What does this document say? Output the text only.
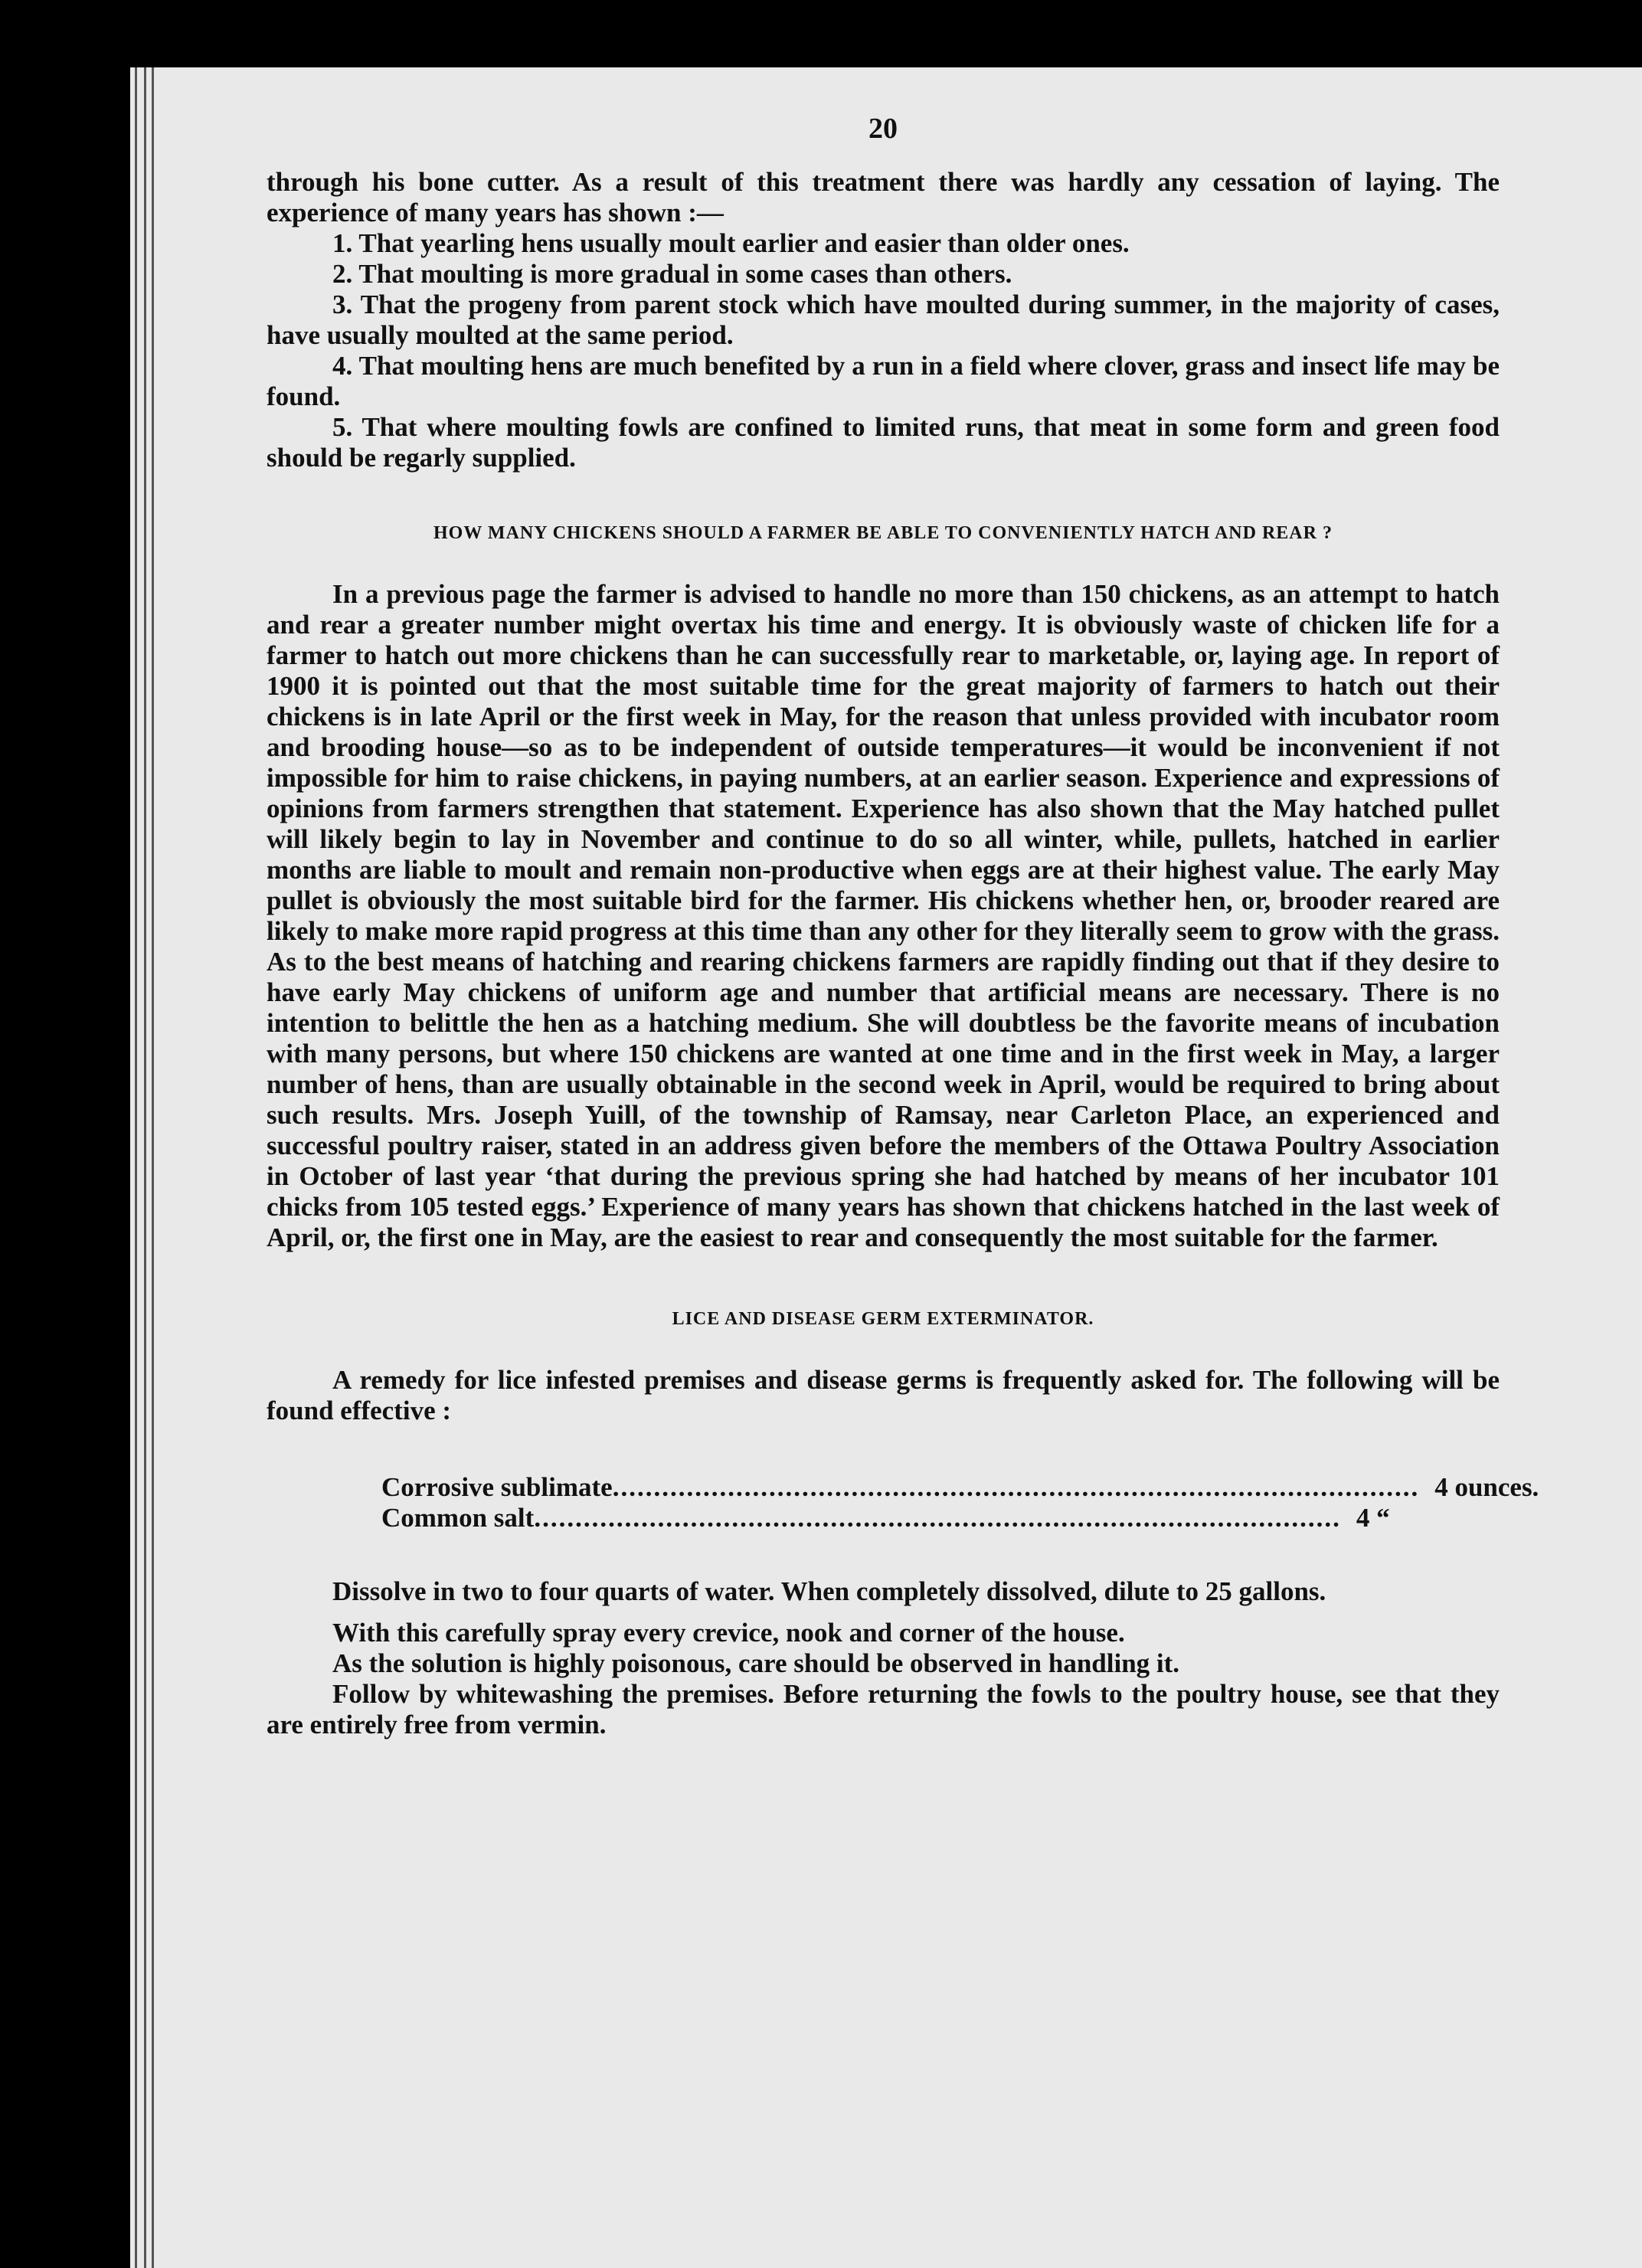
20

through his bone cutter. As a result of this treatment there was hardly any cessation of laying. The experience of many years has shown :—

1. That yearling hens usually moult earlier and easier than older ones.

2. That moulting is more gradual in some cases than others.

3. That the progeny from parent stock which have moulted during summer, in the majority of cases, have usually moulted at the same period.

4. That moulting hens are much benefited by a run in a field where clover, grass and insect life may be found.

5. That where moulting fowls are confined to limited runs, that meat in some form and green food should be regarly supplied.

HOW MANY CHICKENS SHOULD A FARMER BE ABLE TO CONVENIENTLY HATCH AND REAR ?

In a previous page the farmer is advised to handle no more than 150 chickens, as an attempt to hatch and rear a greater number might overtax his time and energy. It is obviously waste of chicken life for a farmer to hatch out more chickens than he can successfully rear to marketable, or, laying age. In report of 1900 it is pointed out that the most suitable time for the great majority of farmers to hatch out their chickens is in late April or the first week in May, for the reason that unless provided with incubator room and brooding house—so as to be independent of outside temperatures—it would be inconvenient if not impossible for him to raise chickens, in paying numbers, at an earlier season. Experience and expressions of opinions from farmers strengthen that statement. Experience has also shown that the May hatched pullet will likely begin to lay in November and continue to do so all winter, while, pullets, hatched in earlier months are liable to moult and remain non-productive when eggs are at their highest value. The early May pullet is obviously the most suitable bird for the farmer. His chickens whether hen, or, brooder reared are likely to make more rapid progress at this time than any other for they literally seem to grow with the grass. As to the best means of hatching and rearing chickens farmers are rapidly finding out that if they desire to have early May chickens of uniform age and number that artificial means are necessary. There is no intention to belittle the hen as a hatching medium. She will doubtless be the favorite means of incubation with many persons, but where 150 chickens are wanted at one time and in the first week in May, a larger number of hens, than are usually obtainable in the second week in April, would be required to bring about such results. Mrs. Joseph Yuill, of the township of Ramsay, near Carleton Place, an experienced and successful poultry raiser, stated in an address given before the members of the Ottawa Poultry Association in October of last year ‘that during the previous spring she had hatched by means of her incubator 101 chicks from 105 tested eggs.’ Experience of many years has shown that chickens hatched in the last week of April, or, the first one in May, are the easiest to rear and consequently the most suitable for the farmer.

LICE AND DISEASE GERM EXTERMINATOR.

A remedy for lice infested premises and disease germs is frequently asked for. The following will be found effective :

Corrosive sublimate .................................................................................................. 4 ounces.
Common salt .................................................................................................. 4 “

Dissolve in two to four quarts of water. When completely dissolved, dilute to 25 gallons.

With this carefully spray every crevice, nook and corner of the house.

As the solution is highly poisonous, care should be observed in handling it.

Follow by whitewashing the premises. Before returning the fowls to the poultry house, see that they are entirely free from vermin.
